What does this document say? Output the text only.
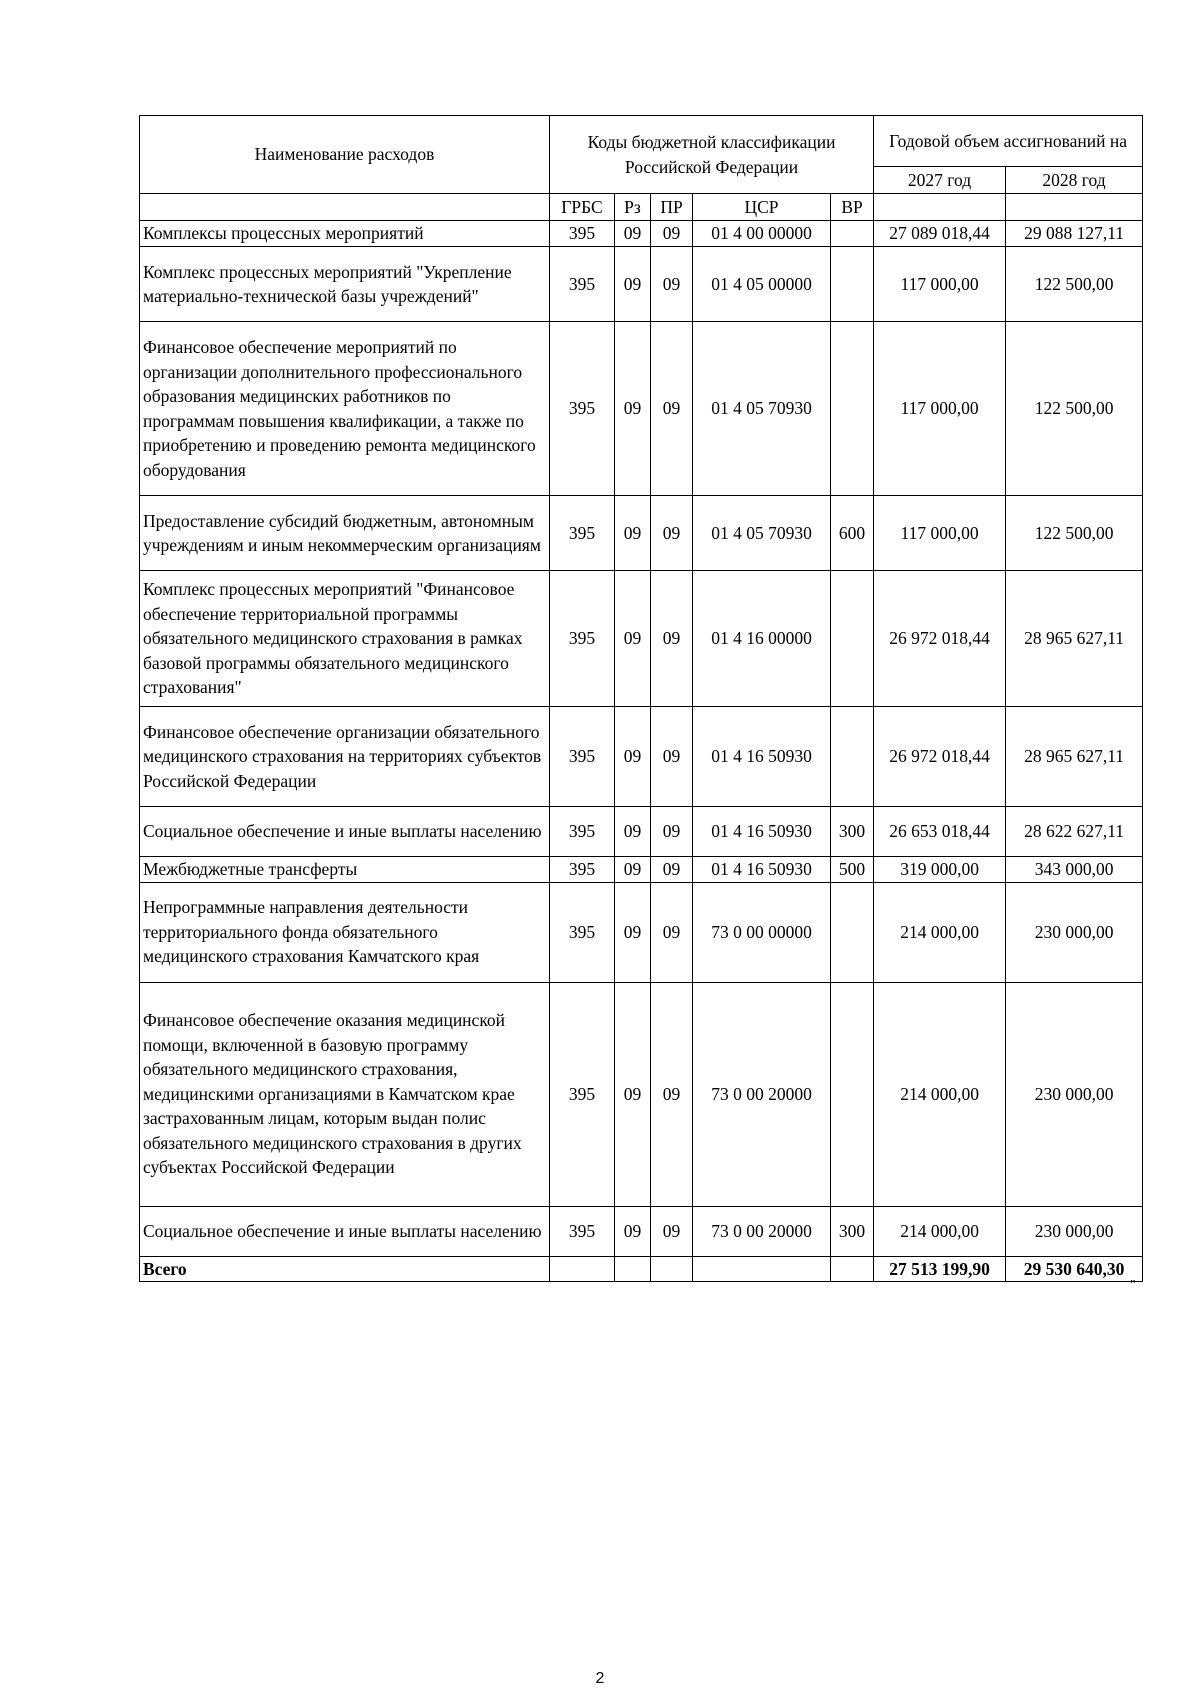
Наименование расходов	Коды бюджетной классификации Российской Федерации					Годовой объем ассигнований на	
						2027 год	2028 год
	ГРБС	Рз	ПР	ЦСР	ВР		
Комплексы процессных мероприятий	395	09	09	01 4 00 00000		27 089 018,44	29 088 127,11
Комплекс процессных мероприятий "Укрепление материально-технической базы учреждений"	395	09	09	01 4 05 00000		117 000,00	122 500,00
Финансовое обеспечение мероприятий по организации дополнительного профессионального образования медицинских работников по программам повышения квалификации, а также по приобретению и проведению ремонта медицинского оборудования	395	09	09	01 4 05 70930		117 000,00	122 500,00
Предоставление субсидий бюджетным, автономным учреждениям и иным некоммерческим организациям	395	09	09	01 4 05 70930	600	117 000,00	122 500,00
Комплекс процессных мероприятий "Финансовое обеспечение территориальной программы обязательного медицинского страхования в рамках базовой программы обязательного медицинского страхования"	395	09	09	01 4 16 00000		26 972 018,44	28 965 627,11
Финансовое обеспечение организации обязательного медицинского страхования на территориях субъектов Российской Федерации	395	09	09	01 4 16 50930		26 972 018,44	28 965 627,11
Социальное обеспечение и иные выплаты населению	395	09	09	01 4 16 50930	300	26 653 018,44	28 622 627,11
Межбюджетные трансферты	395	09	09	01 4 16 50930	500	319 000,00	343 000,00
Непрограммные направления деятельности территориального фонда обязательного медицинского страхования Камчатского края	395	09	09	73 0 00 00000		214 000,00	230 000,00
Финансовое обеспечение оказания медицинской помощи, включенной в базовую программу обязательного медицинского страхования, медицинскими организациями в Камчатском крае застрахованным лицам, которым выдан полис обязательного медицинского страхования в других субъектах Российской Федерации	395	09	09	73 0 00 20000		214 000,00	230 000,00
Социальное обеспечение и иные выплаты населению	395	09	09	73 0 00 20000	300	214 000,00	230 000,00
Всего						27 513 199,90	29 530 640,30
"
2
